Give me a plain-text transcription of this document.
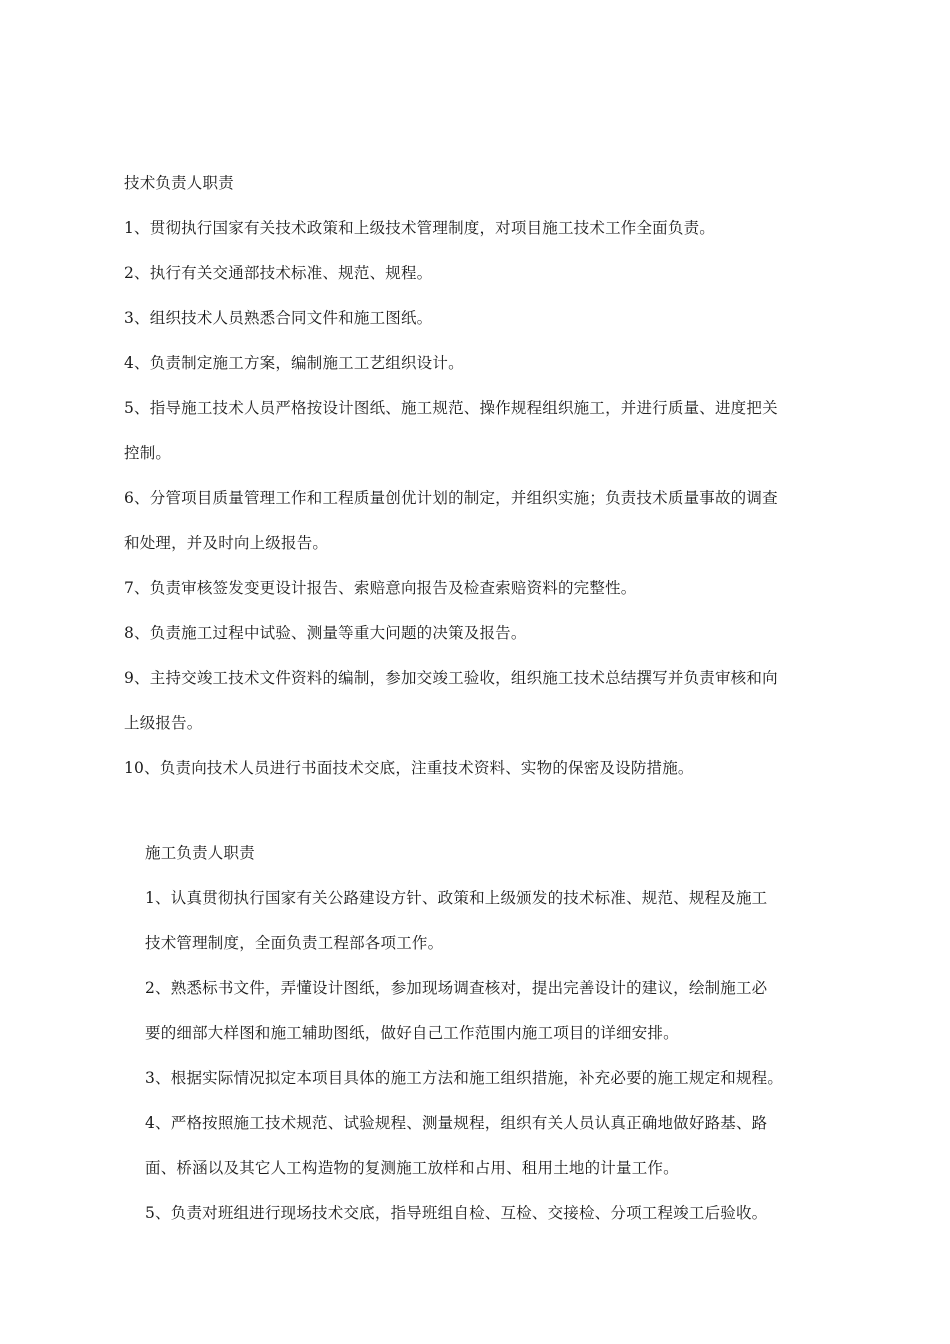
技术负责人职责
1、贯彻执行国家有关技术政策和上级技术管理制度，对项目施工技术工作全面负责。
2、执行有关交通部技术标准、规范、规程。
3、组织技术人员熟悉合同文件和施工图纸。
4、负责制定施工方案，编制施工工艺组织设计。
5、指导施工技术人员严格按设计图纸、施工规范、操作规程组织施工，并进行质量、进度把关
控制。
6、分管项目质量管理工作和工程质量创优计划的制定，并组织实施；负责技术质量事故的调查
和处理，并及时向上级报告。
7、负责审核签发变更设计报告、索赔意向报告及检查索赔资料的完整性。
8、负责施工过程中试验、测量等重大问题的决策及报告。
9、主持交竣工技术文件资料的编制，参加交竣工验收，组织施工技术总结撰写并负责审核和向
上级报告。
10、负责向技术人员进行书面技术交底，注重技术资料、实物的保密及设防措施。
施工负责人职责
1、认真贯彻执行国家有关公路建设方针、政策和上级颁发的技术标准、规范、规程及施工
技术管理制度，全面负责工程部各项工作。
2、熟悉标书文件，弄懂设计图纸，参加现场调查核对，提出完善设计的建议，绘制施工必
要的细部大样图和施工辅助图纸，做好自己工作范围内施工项目的详细安排。
3、根据实际情况拟定本项目具体的施工方法和施工组织措施，补充必要的施工规定和规程。
4、严格按照施工技术规范、试验规程、测量规程，组织有关人员认真正确地做好路基、路
面、桥涵以及其它人工构造物的复测施工放样和占用、租用土地的计量工作。
5、负责对班组进行现场技术交底，指导班组自检、互检、交接检、分项工程竣工后验收。
